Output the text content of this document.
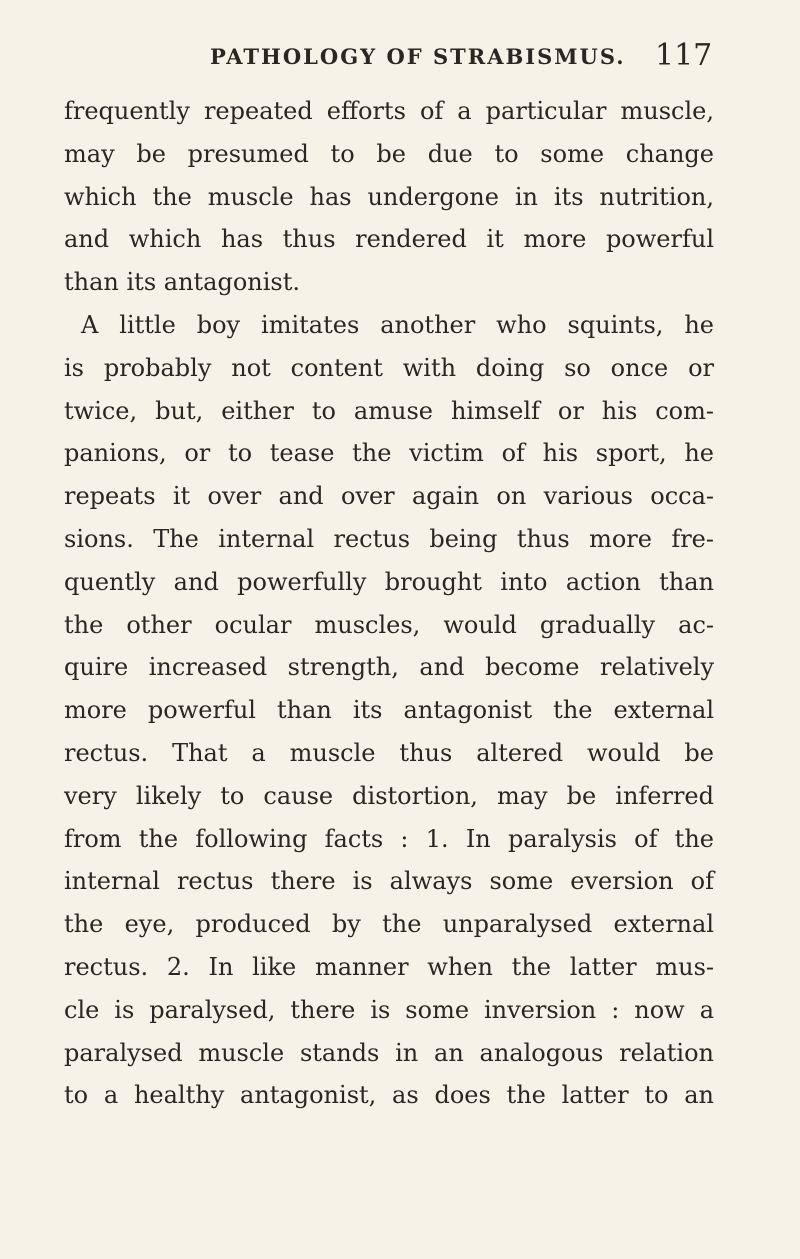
PATHOLOGY OF STRABISMUS. 117
frequently repeated efforts of a particular muscle,
may be presumed to be due to some change
which the muscle has undergone in its nutrition,
and which has thus rendered it more powerful
than its antagonist.
A little boy imitates another who squints, he
is probably not content with doing so once or
twice, but, either to amuse himself or his com-
panions, or to tease the victim of his sport, he
repeats it over and over again on various occa-
sions. The internal rectus being thus more fre-
quently and powerfully brought into action than
the other ocular muscles, would gradually ac-
quire increased strength, and become relatively
more powerful than its antagonist the external
rectus. That a muscle thus altered would be
very likely to cause distortion, may be inferred
from the following facts : 1. In paralysis of the
internal rectus there is always some eversion of
the eye, produced by the unparalysed external
rectus. 2. In like manner when the latter mus-
cle is paralysed, there is some inversion : now a
paralysed muscle stands in an analogous relation
to a healthy antagonist, as does the latter to an
